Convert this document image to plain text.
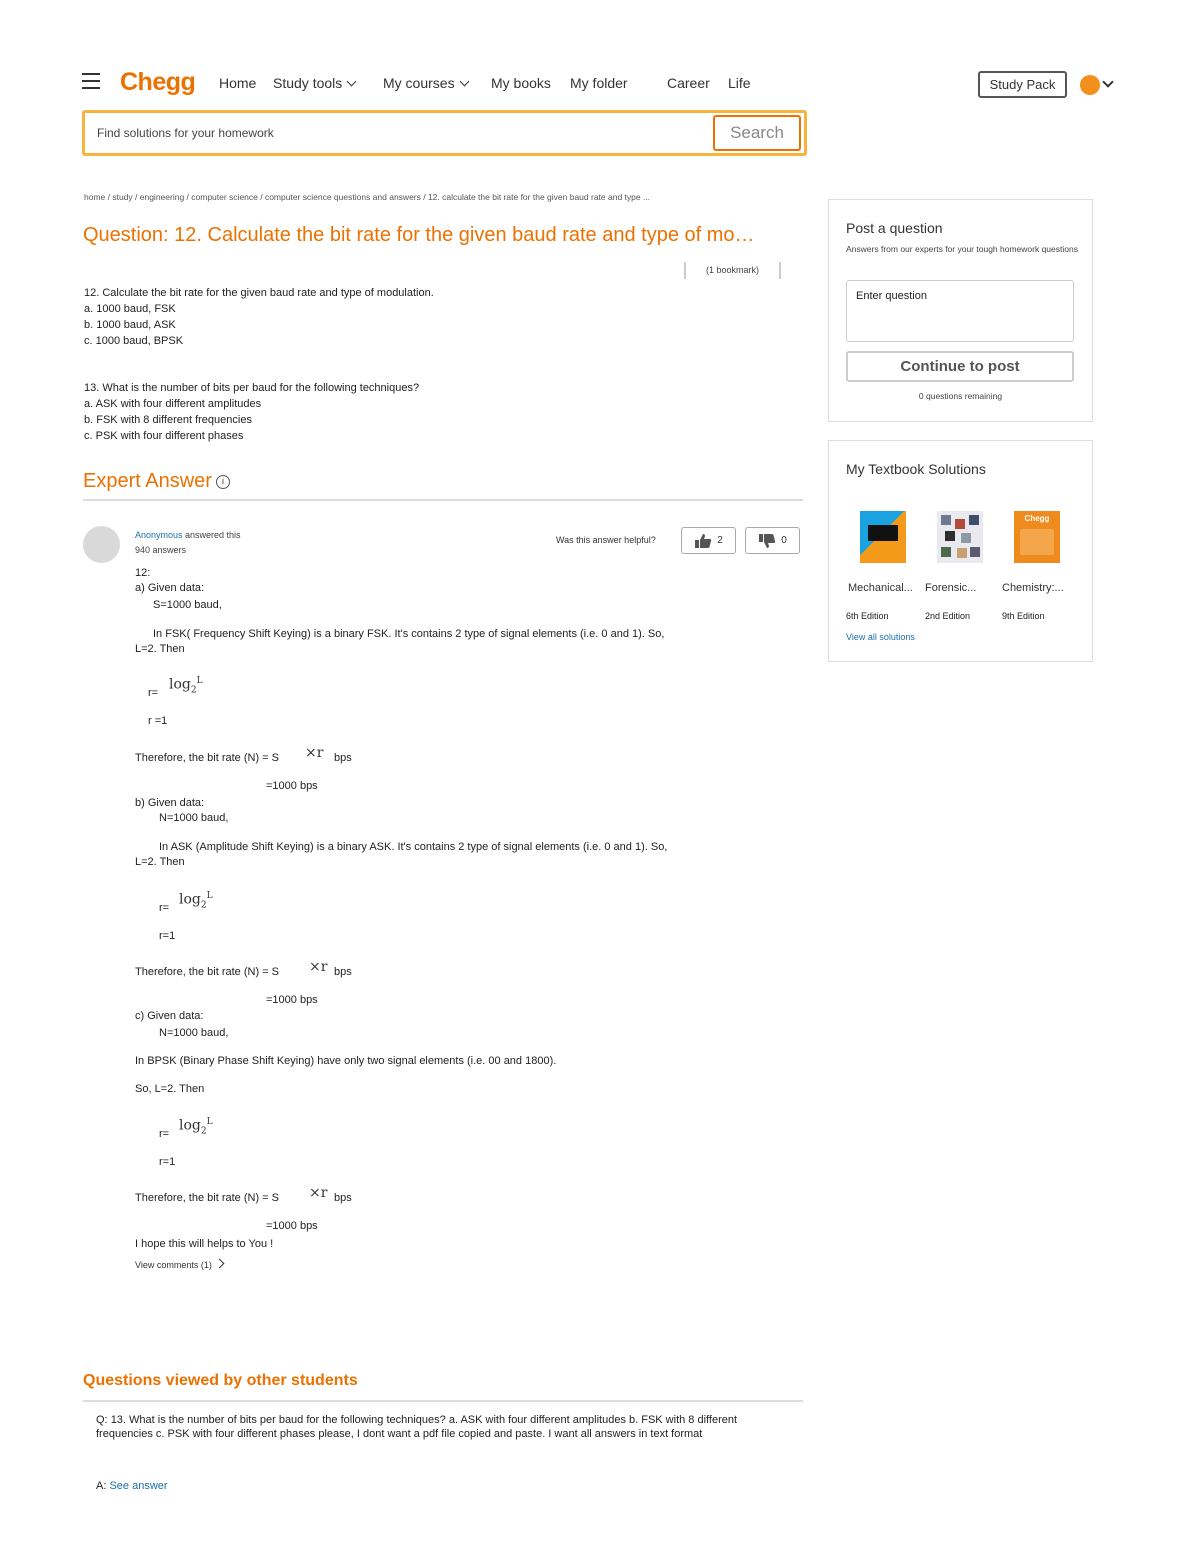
Chegg Home Study tools	My courses	My books My folder	Career Life	Study Pack
Find solutions for your homework
Search
home / study / engineering / computer science / computer science questions and answers / 12. calculate the bit rate for the given baud rate and type ...
Question: 12. Calculate the bit rate for the given baud rate and type of mo…
(1 bookmark)
12. Calculate the bit rate for the given baud rate and type of modulation.
a. 1000 baud, FSK
b. 1000 baud, ASK
c. 1000 baud, BPSK
13. What is the number of bits per baud for the following techniques?
a. ASK with four different amplitudes
b. FSK with 8 different frequencies
c. PSK with four different phases
Expert Answer i
Anonymous answered this
940 answers
Was this answer helpful?	2	0
12:
a) Given data:
S=1000 baud,
In FSK( Frequency Shift Keying) is a binary FSK. It's contains 2 type of signal elements (i.e. 0 and 1). So,
L=2. Then
r=
$\log_2^L$
r =1
Therefore, the bit rate (N) = S ×r bps
=1000 bps
b) Given data:
N=1000 baud,
In ASK (Amplitude Shift Keying) is a binary ASK. It's contains 2 type of signal elements (i.e. 0 and 1). So,
L=2. Then
r=
$\log_2^L$
r=1
Therefore, the bit rate (N) = S ×r bps
=1000 bps
c) Given data:
N=1000 baud,
In BPSK (Binary Phase Shift Keying) have only two signal elements (i.e. 00 and 1800).
So, L=2. Then
r=
$\log_2^L$
r=1
Therefore, the bit rate (N) = S ×r bps
=1000 bps
I hope this will helps to You !
View comments (1)
Questions viewed by other students
Q: 13. What is the number of bits per baud for the following techniques? a. ASK with four different amplitudes b. FSK with 8 different frequencies c. PSK with four different phases please, I dont want a pdf file copied and paste. I want all answers in text format
A: See answer
Post a question
Answers from our experts for your tough homework questions
Enter question
Continue to post
0 questions remaining
My Textbook Solutions
Chegg
Mechanical...	Forensic...	Chemistry:...
6th Edition	2nd Edition	9th Edition
View all solutions
